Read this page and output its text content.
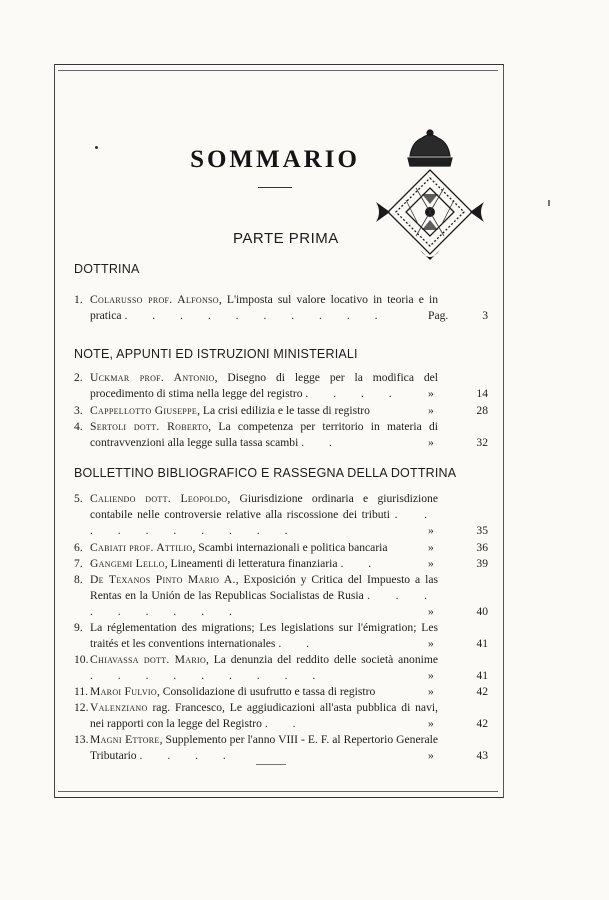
SOMMARIO
PARTE PRIMA
DOTTRINA
1. Colarusso prof. Alfonso, L'imposta sul valore locativo in teoria e in pratica . . . . . . . . . .	Pag.	3
NOTE, APPUNTI ED ISTRUZIONI MINISTERIALI
2. Uckmar prof. Antonio, Disegno di legge per la modifica del procedimento di stima nella legge del registro . . . .	»	14
3. Cappellotto Giuseppe, La crisi edilizia e le tasse di registro	»	28
4. Sertoli dott. Roberto, La competenza per territorio in materia di contravvenzioni alla legge sulla tassa scambi . .	»	32
BOLLETTINO BIBLIOGRAFICO E RASSEGNA DELLA DOTTRINA
5. Caliendo dott. Leopoldo, Giurisdizione ordinaria e giurisdizione contabile nelle controversie relative alla riscossione dei tributi . . . . . . . . . .	»	35
6. Cabiati prof. Attilio, Scambi internazionali e politica bancaria	»	36
7. Gangemi Lello, Lineamenti di letteratura finanziaria . .	»	39
8. De Texanos Pinto Mario A., Exposición y Critica del Impuesto a las Rentas en la Unión de las Republicas Socialistas de Rusia . . . . . . . . .	»	40
9. La réglementation des migrations; Les legislations sur l'émigration; Les traités et les conventions internationales . .	»	41
10. Chiavassa dott. Mario, La denunzia del reddito delle società anonime . . . . . . . . .	»	41
11. Maroi Fulvio, Consolidazione di usufrutto e tassa di registro	»	42
12. Valenziano rag. Francesco, Le aggiudicazioni all'asta pubblica di navi, nei rapporti con la legge del Registro . .	»	42
13. Magni Ettore, Supplemento per l'anno VIII - E. F. al Repertorio Generale Tributario . . . .	»	43
